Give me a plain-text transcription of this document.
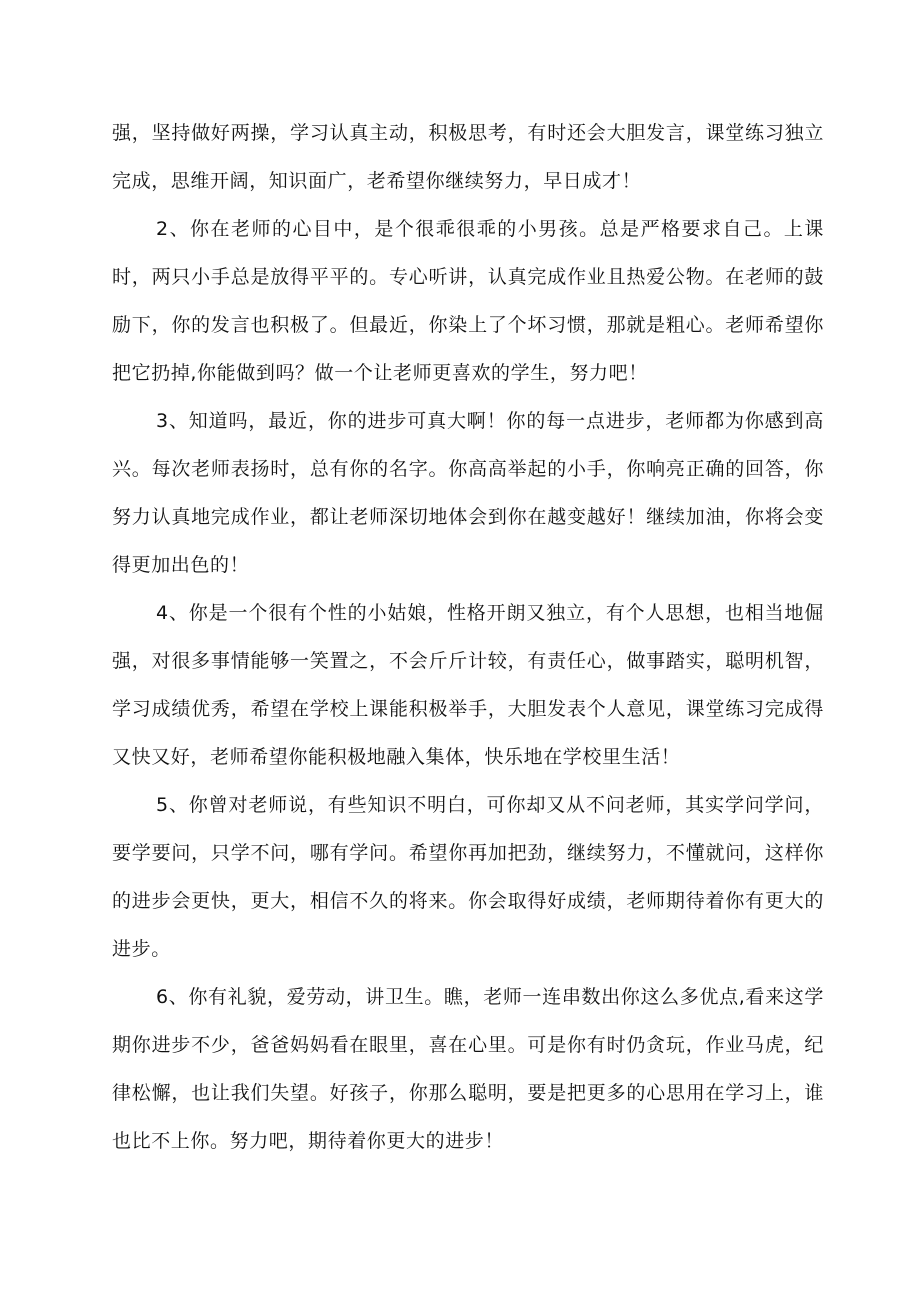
强，坚持做好两操，学习认真主动，积极思考，有时还会大胆发言，课堂练习独立完成，思维开阔，知识面广，老希望你继续努力，早日成才！

2、你在老师的心目中，是个很乖很乖的小男孩。总是严格要求自己。上课时，两只小手总是放得平平的。专心听讲，认真完成作业且热爱公物。在老师的鼓励下，你的发言也积极了。但最近，你染上了个坏习惯，那就是粗心。老师希望你把它扔掉,你能做到吗？做一个让老师更喜欢的学生，努力吧！

3、知道吗，最近，你的进步可真大啊！你的每一点进步，老师都为你感到高兴。每次老师表扬时，总有你的名字。你高高举起的小手，你响亮正确的回答，你努力认真地完成作业，都让老师深切地体会到你在越变越好！继续加油，你将会变得更加出色的！

4、你是一个很有个性的小姑娘，性格开朗又独立，有个人思想，也相当地倔强，对很多事情能够一笑置之，不会斤斤计较，有责任心，做事踏实，聪明机智，学习成绩优秀，希望在学校上课能积极举手，大胆发表个人意见，课堂练习完成得又快又好，老师希望你能积极地融入集体，快乐地在学校里生活！

5、你曾对老师说，有些知识不明白，可你却又从不问老师，其实学问学问，要学要问，只学不问，哪有学问。希望你再加把劲，继续努力，不懂就问，这样你的进步会更快，更大，相信不久的将来。你会取得好成绩，老师期待着你有更大的进步。

6、你有礼貌，爱劳动，讲卫生。瞧，老师一连串数出你这么多优点,看来这学期你进步不少，爸爸妈妈看在眼里，喜在心里。可是你有时仍贪玩，作业马虎，纪律松懈，也让我们失望。好孩子，你那么聪明，要是把更多的心思用在学习上，谁也比不上你。努力吧，期待着你更大的进步！
